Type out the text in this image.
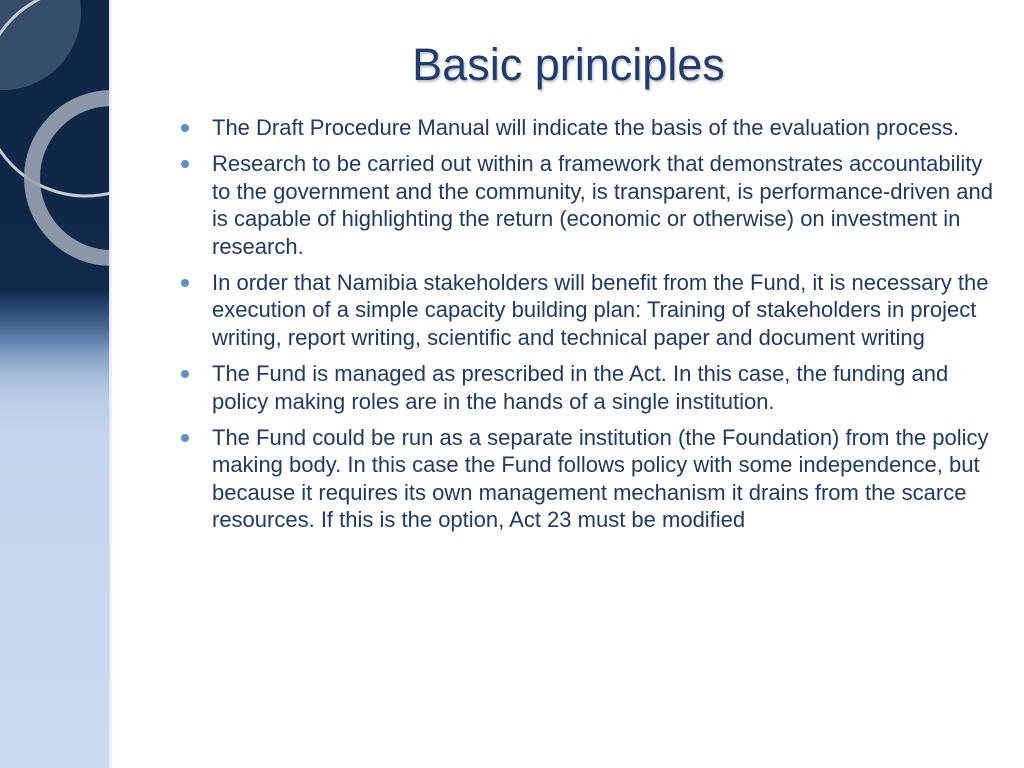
Basic principles
The Draft Procedure Manual will indicate the basis of the evaluation process.
Research to be carried out within a framework that demonstrates accountability to the government and the community, is transparent, is performance-driven and is capable of highlighting the return (economic or otherwise) on investment in research.
In order that Namibia stakeholders will benefit from the Fund, it is necessary the execution of a simple capacity building plan: Training of stakeholders in project writing, report writing, scientific and technical paper and document writing
The Fund is managed as prescribed in the Act. In this case, the funding and policy making roles are in the hands of a single institution.
The Fund could be run as a separate institution (the Foundation) from the policy making body. In this case the Fund follows policy with some independence, but because it requires its own management mechanism it drains from the scarce resources. If this is the option, Act 23 must be modified
